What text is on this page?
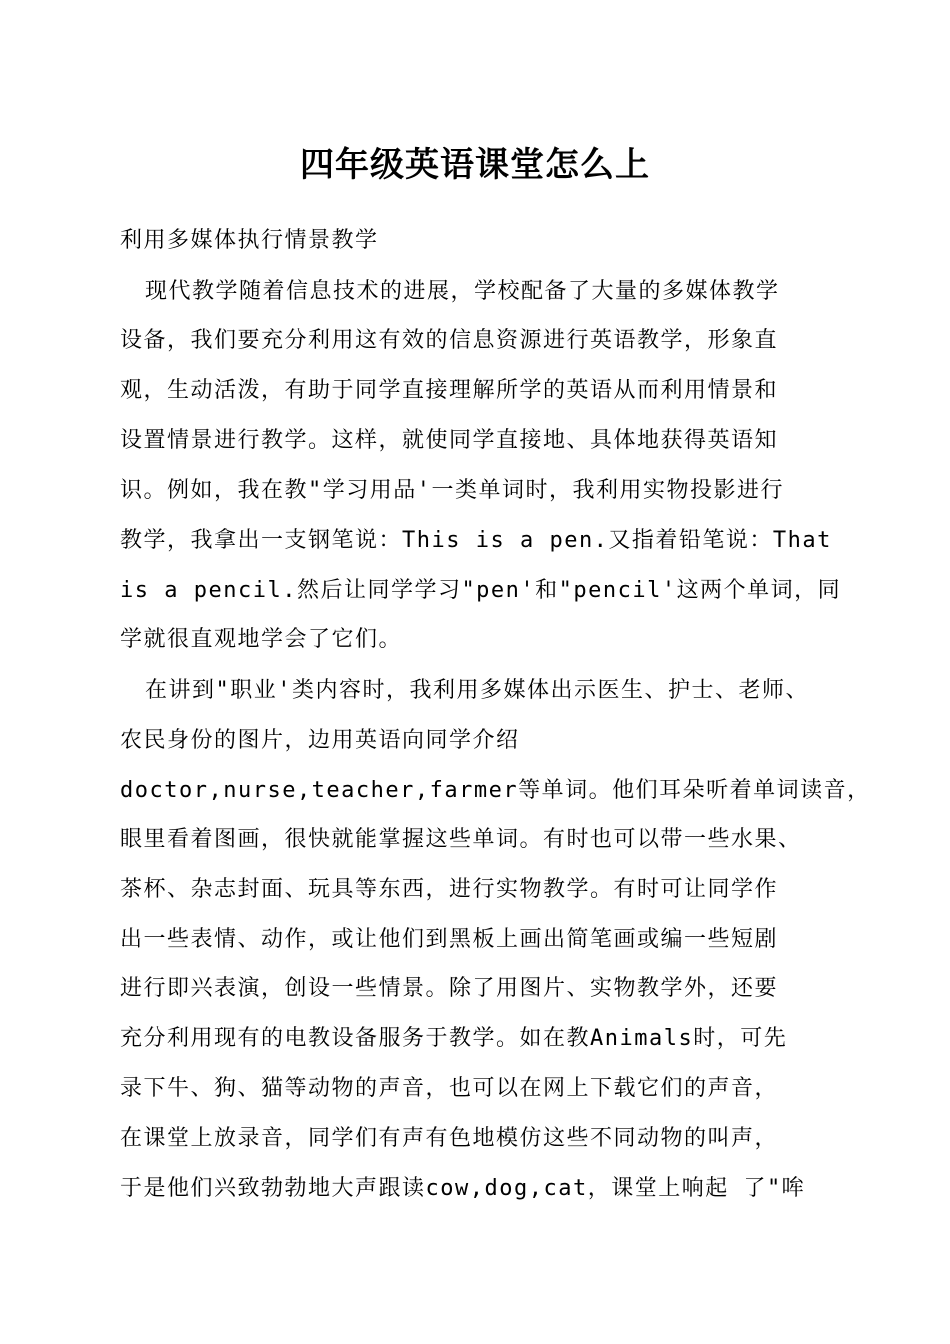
四年级英语课堂怎么上
利用多媒体执行情景教学
现代教学随着信息技术的进展，学校配备了大量的多媒体教学
设备，我们要充分利用这有效的信息资源进行英语教学，形象直
观，生动活泼，有助于同学直接理解所学的英语从而利用情景和
设置情景进行教学。这样，就使同学直接地、具体地获得英语知
识。例如，我在教"学习用品'一类单词时，我利用实物投影进行
教学，我拿出一支钢笔说：This is a pen.又指着铅笔说：That
is a pencil.然后让同学学习"pen'和"pencil'这两个单词，同
学就很直观地学会了它们。
在讲到"职业'类内容时，我利用多媒体出示医生、护士、老师、
农民身份的图片，边用英语向同学介绍
doctor,nurse,teacher,farmer等单词。他们耳朵听着单词读音，
眼里看着图画，很快就能掌握这些单词。有时也可以带一些水果、
茶杯、杂志封面、玩具等东西，进行实物教学。有时可让同学作
出一些表情、动作，或让他们到黑板上画出简笔画或编一些短剧
进行即兴表演，创设一些情景。除了用图片、实物教学外，还要
充分利用现有的电教设备服务于教学。如在教Animals时，可先
录下牛、狗、猫等动物的声音，也可以在网上下载它们的声音，
在课堂上放录音，同学们有声有色地模仿这些不同动物的叫声，
于是他们兴致勃勃地大声跟读cow,dog,cat，课堂上响起 了"哞
